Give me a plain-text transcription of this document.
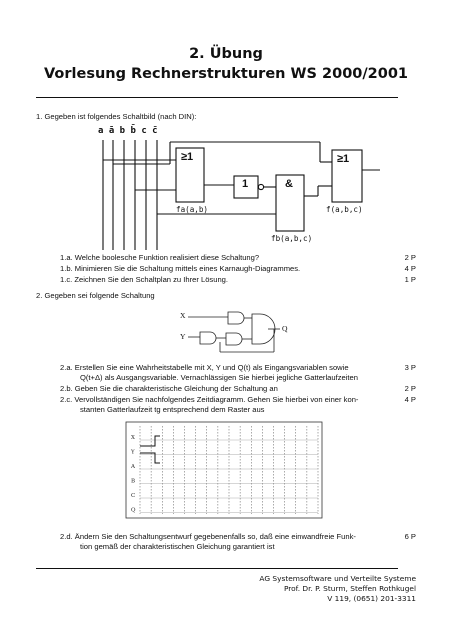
2. Übung
Vorlesung Rechnerstrukturen WS 2000/2001
1. Gegeben ist folgendes Schaltbild (nach DIN):
a ā b b̄ c c̄
≥1
1	&
≥1
fa(a,b)
fb(a,b,c)
f(a,b,c)
1.a. Welche boolesche Funktion realisiert diese Schaltung?	2 P
1.b. Minimieren Sie die Schaltung mittels eines Karnaugh-Diagrammes.	4 P
1.c. Zeichnen Sie den Schaltplan zu Ihrer Lösung.	1 P
2. Gegeben sei folgende Schaltung
X
Y
Q
2.a. Erstellen Sie eine Wahrheitstabelle mit X, Y und Q(t) als Eingangsvariablen sowie
Q(t+Δ) als Ausgangsvariable. Vernachlässigen Sie hierbei jegliche Gatterlaufzeiten
3 P
2.b. Geben Sie die charakteristische Gleichung der Schaltung an	2 P
2.c. Vervollständigen Sie nachfolgendes Zeitdiagramm. Gehen Sie hierbei von einer kon-
stanten Gatterlaufzeit tg entsprechend dem Raster aus
4 P
X
Y
A
B
C
Q
2.d. Ändern Sie den Schaltungsentwurf gegebenenfalls so, daß eine einwandfreie Funk-
tion gemäß der charakteristischen Gleichung garantiert ist
6 P
AG Systemsoftware und Verteilte Systeme
Prof. Dr. P. Sturm, Steffen Rothkugel
V 119, (0651) 201-3311
